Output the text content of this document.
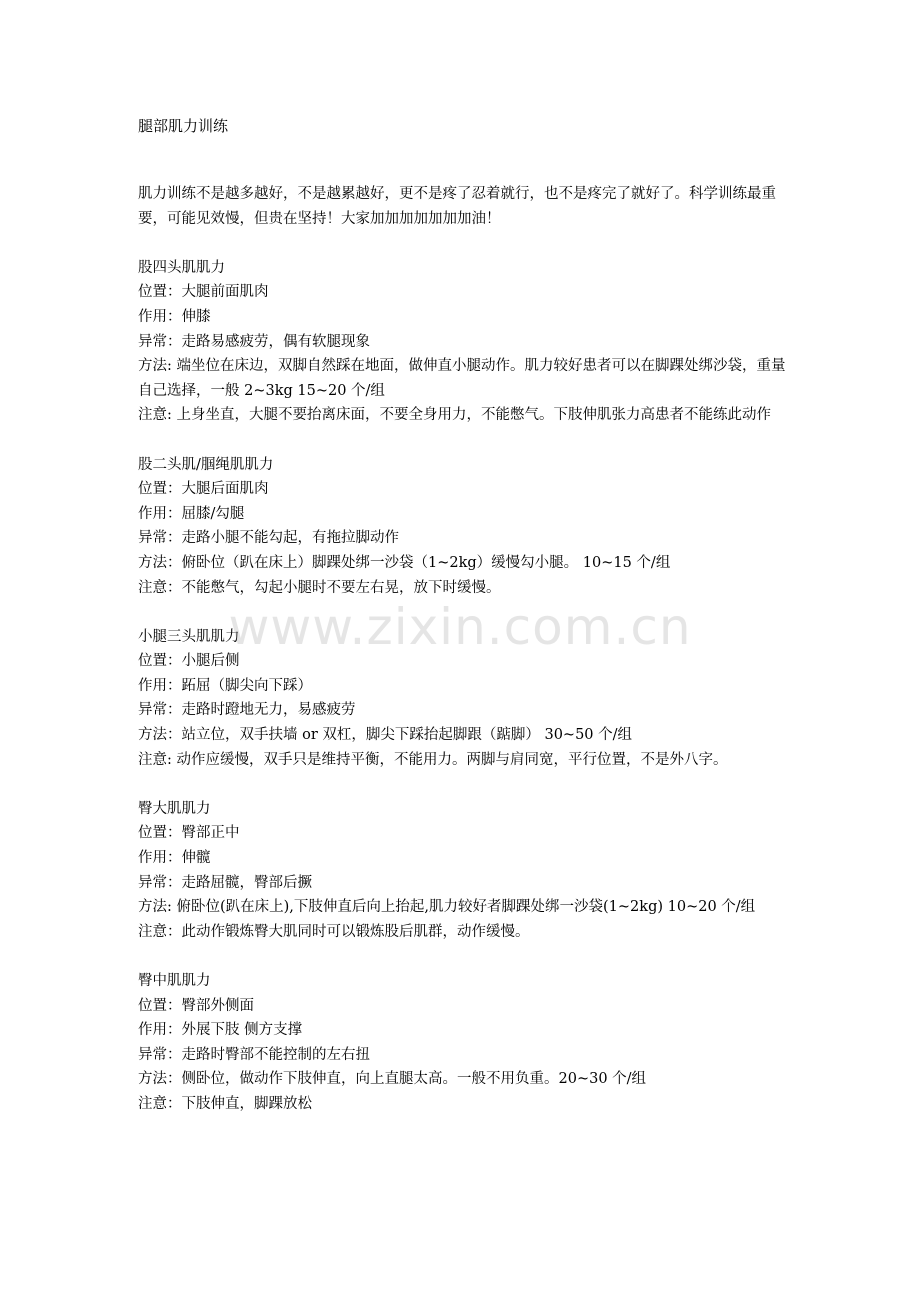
腿部肌力训练
肌力训练不是越多越好，不是越累越好，更不是疼了忍着就行，也不是疼完了就好了。科学训练最重要，可能见效慢，但贵在坚持！大家加加加加加加加油！
股四头肌肌力
位置：大腿前面肌肉
作用：伸膝
异常：走路易感疲劳，偶有软腿现象
方法: 端坐位在床边，双脚自然踩在地面，做伸直小腿动作。肌力较好患者可以在脚踝处绑沙袋，重量自己选择，一般 2~3kg 15~20 个/组
注意: 上身坐直，大腿不要抬离床面，不要全身用力，不能憋气。下肢伸肌张力高患者不能练此动作
股二头肌/腘绳肌肌力
位置：大腿后面肌肉
作用：屈膝/勾腿
异常：走路小腿不能勾起，有拖拉脚动作
方法：俯卧位（趴在床上）脚踝处绑一沙袋（1~2kg）缓慢勾小腿。 10~15 个/组
注意：不能憋气，勾起小腿时不要左右晃，放下时缓慢。
小腿三头肌肌力
位置：小腿后侧
作用：跖屈（脚尖向下踩）
异常：走路时蹬地无力，易感疲劳
方法：站立位，双手扶墙 or 双杠，脚尖下踩抬起脚跟（踮脚） 30~50 个/组
注意: 动作应缓慢，双手只是维持平衡，不能用力。两脚与肩同宽，平行位置，不是外八字。
臀大肌肌力
位置：臀部正中
作用：伸髋
异常：走路屈髋，臀部后撅
方法: 俯卧位(趴在床上),下肢伸直后向上抬起,肌力较好者脚踝处绑一沙袋(1~2kg) 10~20 个/组
注意：此动作锻炼臀大肌同时可以锻炼股后肌群，动作缓慢。
臀中肌肌力
位置：臀部外侧面
作用：外展下肢 侧方支撑
异常：走路时臀部不能控制的左右扭
方法：侧卧位，做动作下肢伸直，向上直腿太高。一般不用负重。20~30 个/组
注意：下肢伸直，脚踝放松
www.zixin.com.cn
